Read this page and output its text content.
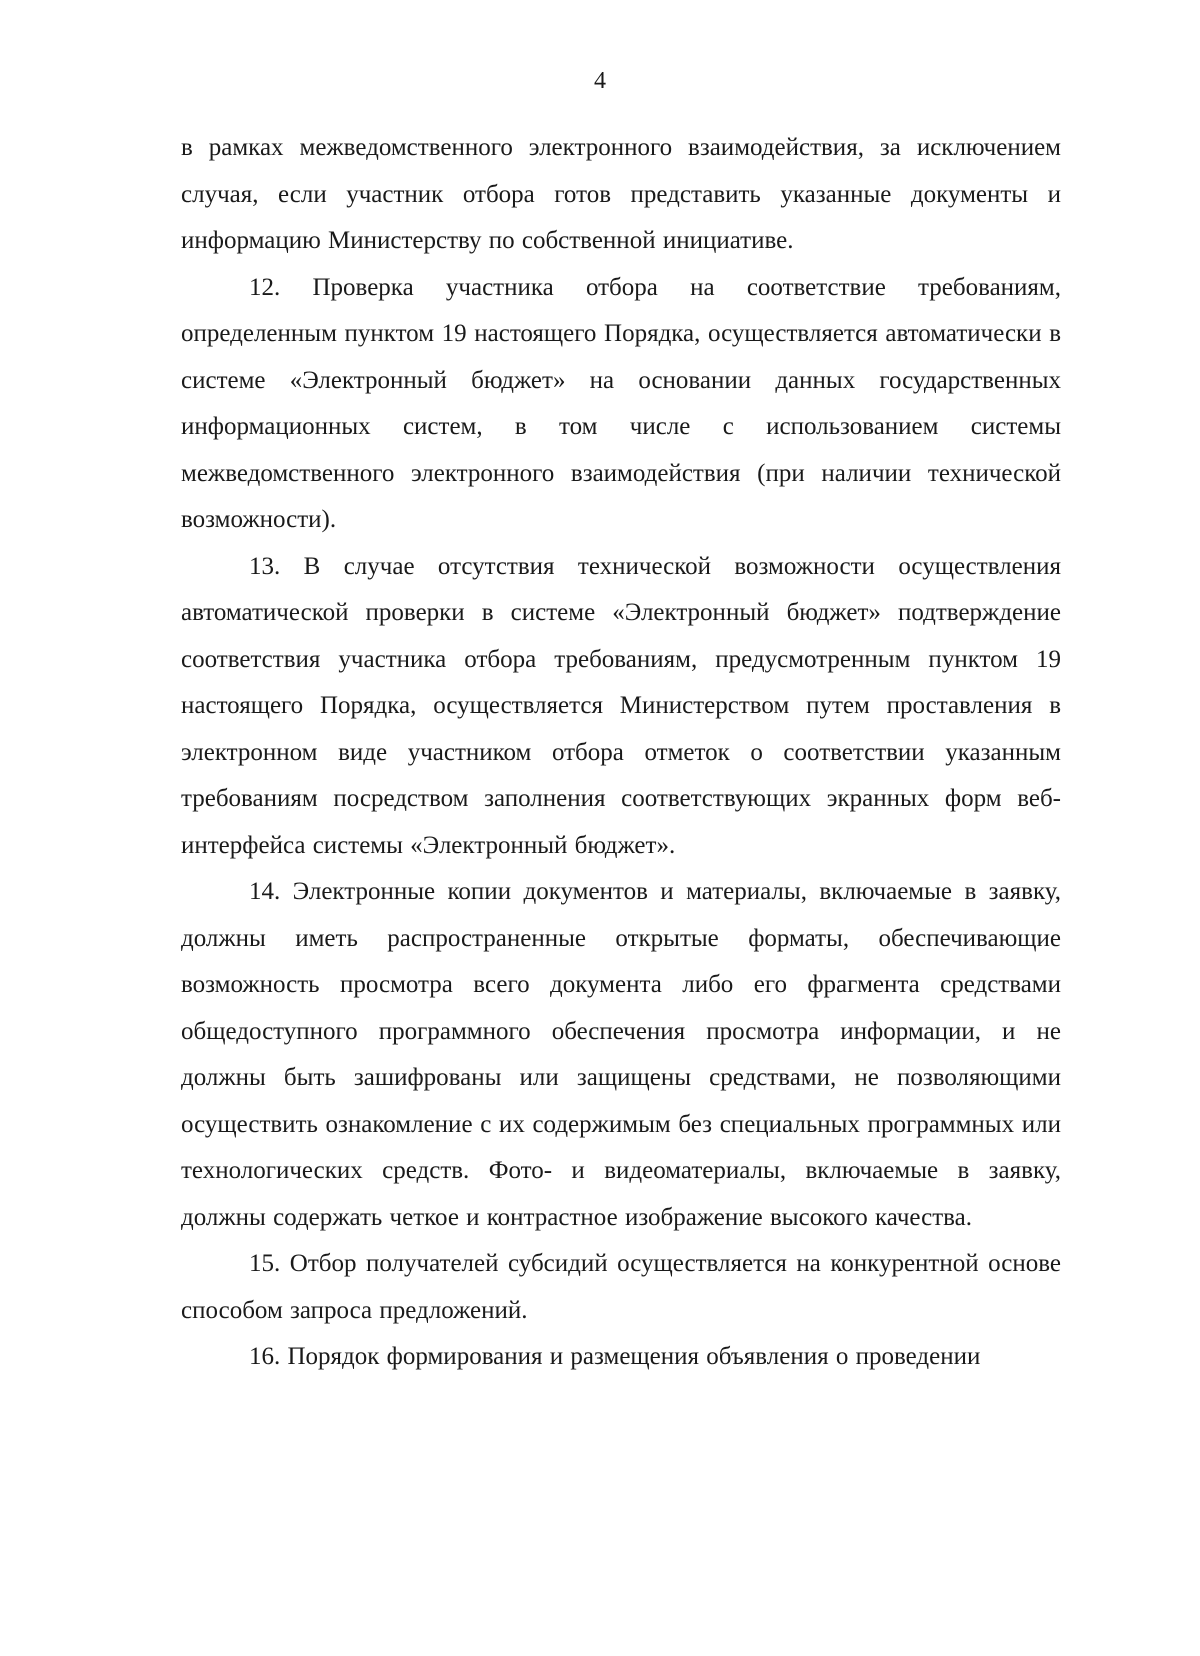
4

в рамках межведомственного электронного взаимодействия, за исключением случая, если участник отбора готов представить указанные документы и информацию Министерству по собственной инициативе.

12. Проверка участника отбора на соответствие требованиям, определенным пунктом 19 настоящего Порядка, осуществляется автоматически в системе «Электронный бюджет» на основании данных государственных информационных систем, в том числе с использованием системы межведомственного электронного взаимодействия (при наличии технической возможности).

13. В случае отсутствия технической возможности осуществления автоматической проверки в системе «Электронный бюджет» подтверждение соответствия участника отбора требованиям, предусмотренным пунктом 19 настоящего Порядка, осуществляется Министерством путем проставления в электронном виде участником отбора отметок о соответствии указанным требованиям посредством заполнения соответствующих экранных форм веб-интерфейса системы «Электронный бюджет».

14. Электронные копии документов и материалы, включаемые в заявку, должны иметь распространенные открытые форматы, обеспечивающие возможность просмотра всего документа либо его фрагмента средствами общедоступного программного обеспечения просмотра информации, и не должны быть зашифрованы или защищены средствами, не позволяющими осуществить ознакомление с их содержимым без специальных программных или технологических средств. Фото- и видеоматериалы, включаемые в заявку, должны содержать четкое и контрастное изображение высокого качества.

15. Отбор получателей субсидий осуществляется на конкурентной основе способом запроса предложений.

16. Порядок формирования и размещения объявления о проведении
